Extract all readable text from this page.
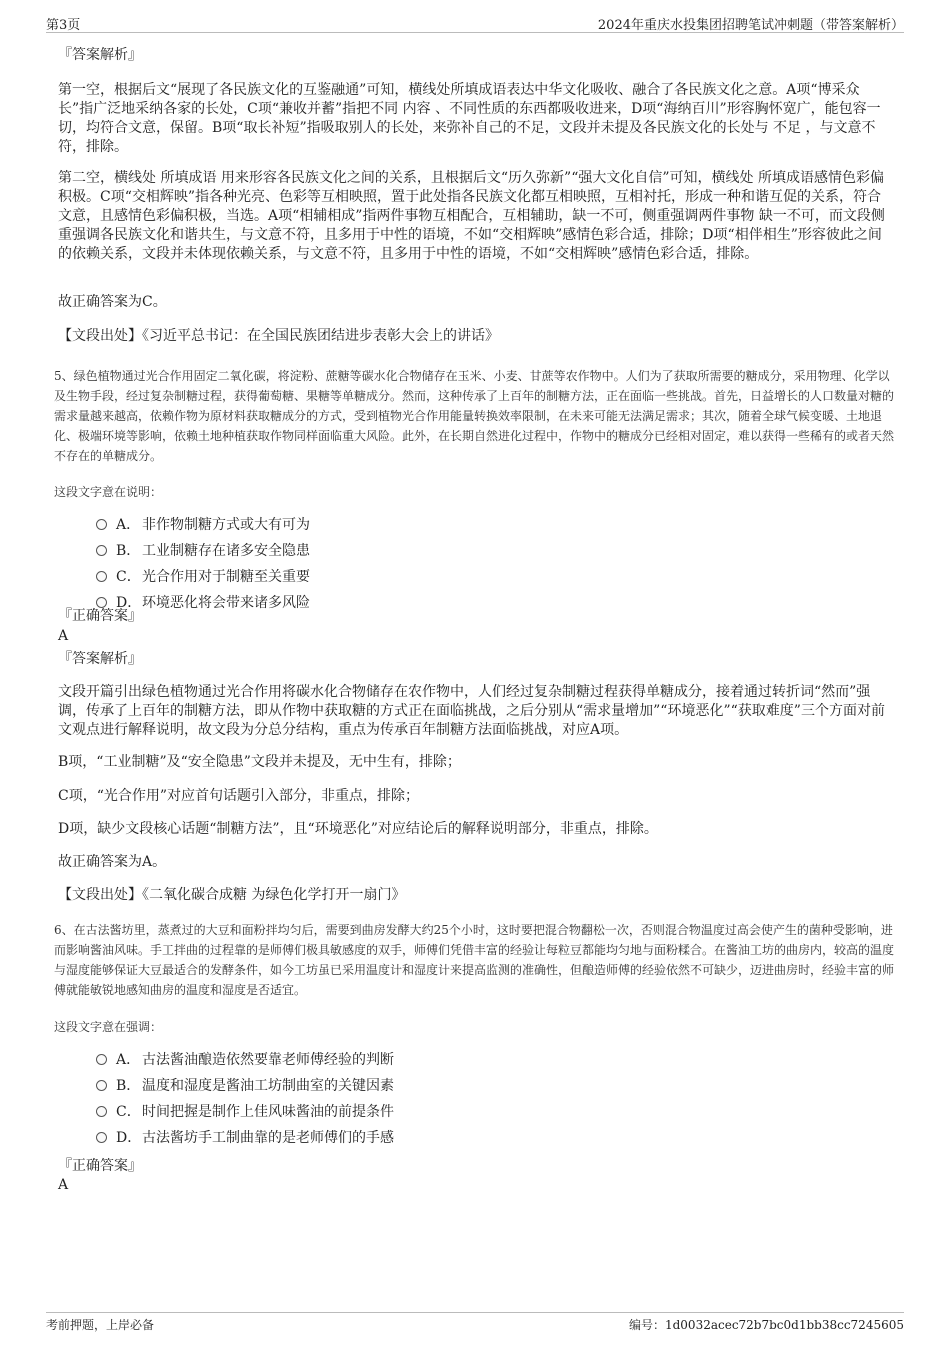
第3页	2024年重庆水投集团招聘笔试冲刺题（带答案解析）
『答案解析』
第一空，根据后文“展现了各民族文化的互鉴融通”可知，横线处所填成语表达中华文化吸收、融合了各民族文化之意。A项“博采众长”指广泛地采纳各家的长处，C项“兼收并蓄”指把不同 内容 、不同性质的东西都吸收进来，D项“海纳百川”形容胸怀宽广，能包容一切，均符合文意，保留。B项“取长补短”指吸取别人的长处，来弥补自己的不足，文段并未提及各民族文化的长处与 不足 ，与文意不符，排除。
第二空，横线处 所填成语 用来形容各民族文化之间的关系，且根据后文“历久弥新”“强大文化自信”可知，横线处 所填成语感情色彩偏积极。C项“交相辉映”指各种光亮、色彩等互相映照，置于此处指各民族文化都互相映照，互相衬托，形成一种和谐互促的关系，符合文意，且感情色彩偏积极，当选。A项“相辅相成”指两件事物互相配合，互相辅助，缺一不可，侧重强调两件事物 缺一不可，而文段侧重强调各民族文化和谐共生，与文意不符，且多用于中性的语境，不如“交相辉映”感情色彩合适，排除；D项“相伴相生”形容彼此之间的依赖关系，文段并未体现依赖关系，与文意不符，且多用于中性的语境，不如“交相辉映”感情色彩合适，排除。
故正确答案为C。
【文段出处】《习近平总书记：在全国民族团结进步表彰大会上的讲话》
5、绿色植物通过光合作用固定二氧化碳，将淀粉、蔗糖等碳水化合物储存在玉米、小麦、甘蔗等农作物中。人们为了获取所需要的糖成分，采用物理、化学以及生物手段，经过复杂制糖过程，获得葡萄糖、果糖等单糖成分。然而，这种传承了上百年的制糖方法，正在面临一些挑战。首先，日益增长的人口数量对糖的需求量越来越高，依赖作物为原材料获取糖成分的方式，受到植物光合作用能量转换效率限制，在未来可能无法满足需求；其次，随着全球气候变暖、土地退化、极端环境等影响，依赖土地种植获取作物同样面临重大风险。此外，在长期自然进化过程中，作物中的糖成分已经相对固定，难以获得一些稀有的或者天然不存在的单糖成分。
这段文字意在说明：
A． 非作物制糖方式或大有可为
B． 工业制糖存在诸多安全隐患
C．光合作用对于制糖至关重要
D．环境恶化将会带来诸多风险
『正确答案』
A
『答案解析』
文段开篇引出绿色植物通过光合作用将碳水化合物储存在农作物中，人们经过复杂制糖过程获得单糖成分，接着通过转折词“然而”强调，传承了上百年的制糖方法，即从作物中获取糖的方式正在面临挑战，之后分别从“需求量增加”“环境恶化”“获取难度”三个方面对前文观点进行解释说明，故文段为分总分结构，重点为传承百年制糖方法面临挑战，对应A项。
B项，“工业制糖”及“安全隐患”文段并未提及，无中生有，排除；
C项，“光合作用”对应首句话题引入部分，非重点，排除；
D项，缺少文段核心话题“制糖方法”，且“环境恶化”对应结论后的解释说明部分，非重点，排除。
故正确答案为A。
【文段出处】《二氧化碳合成糖 为绿色化学打开一扇门》
6、在古法酱坊里，蒸煮过的大豆和面粉拌均匀后，需要到曲房发酵大约25个小时，这时要把混合物翻松一次，否则混合物温度过高会使产生的菌种受影响，进而影响酱油风味。手工拌曲的过程靠的是师傅们极具敏感度的双手，师傅们凭借丰富的经验让每粒豆都能均匀地与面粉糅合。在酱油工坊的曲房内，较高的温度与湿度能够保证大豆最适合的发酵条件，如今工坊虽已采用温度计和湿度计来提高监测的准确性，但酿造师傅的经验依然不可缺少，迈进曲房时，经验丰富的师傅就能敏锐地感知曲房的温度和湿度是否适宜。
这段文字意在强调：
A． 古法酱油酿造依然要靠老师傅经验的判断
B． 温度和湿度是酱油工坊制曲室的关键因素
C．时间把握是制作上佳风味酱油的前提条件
D．古法酱坊手工制曲靠的是老师傅们的手感
『正确答案』
A
考前押题，上岸必备	编号：1d0032acec72b7bc0d1bb38cc7245605
